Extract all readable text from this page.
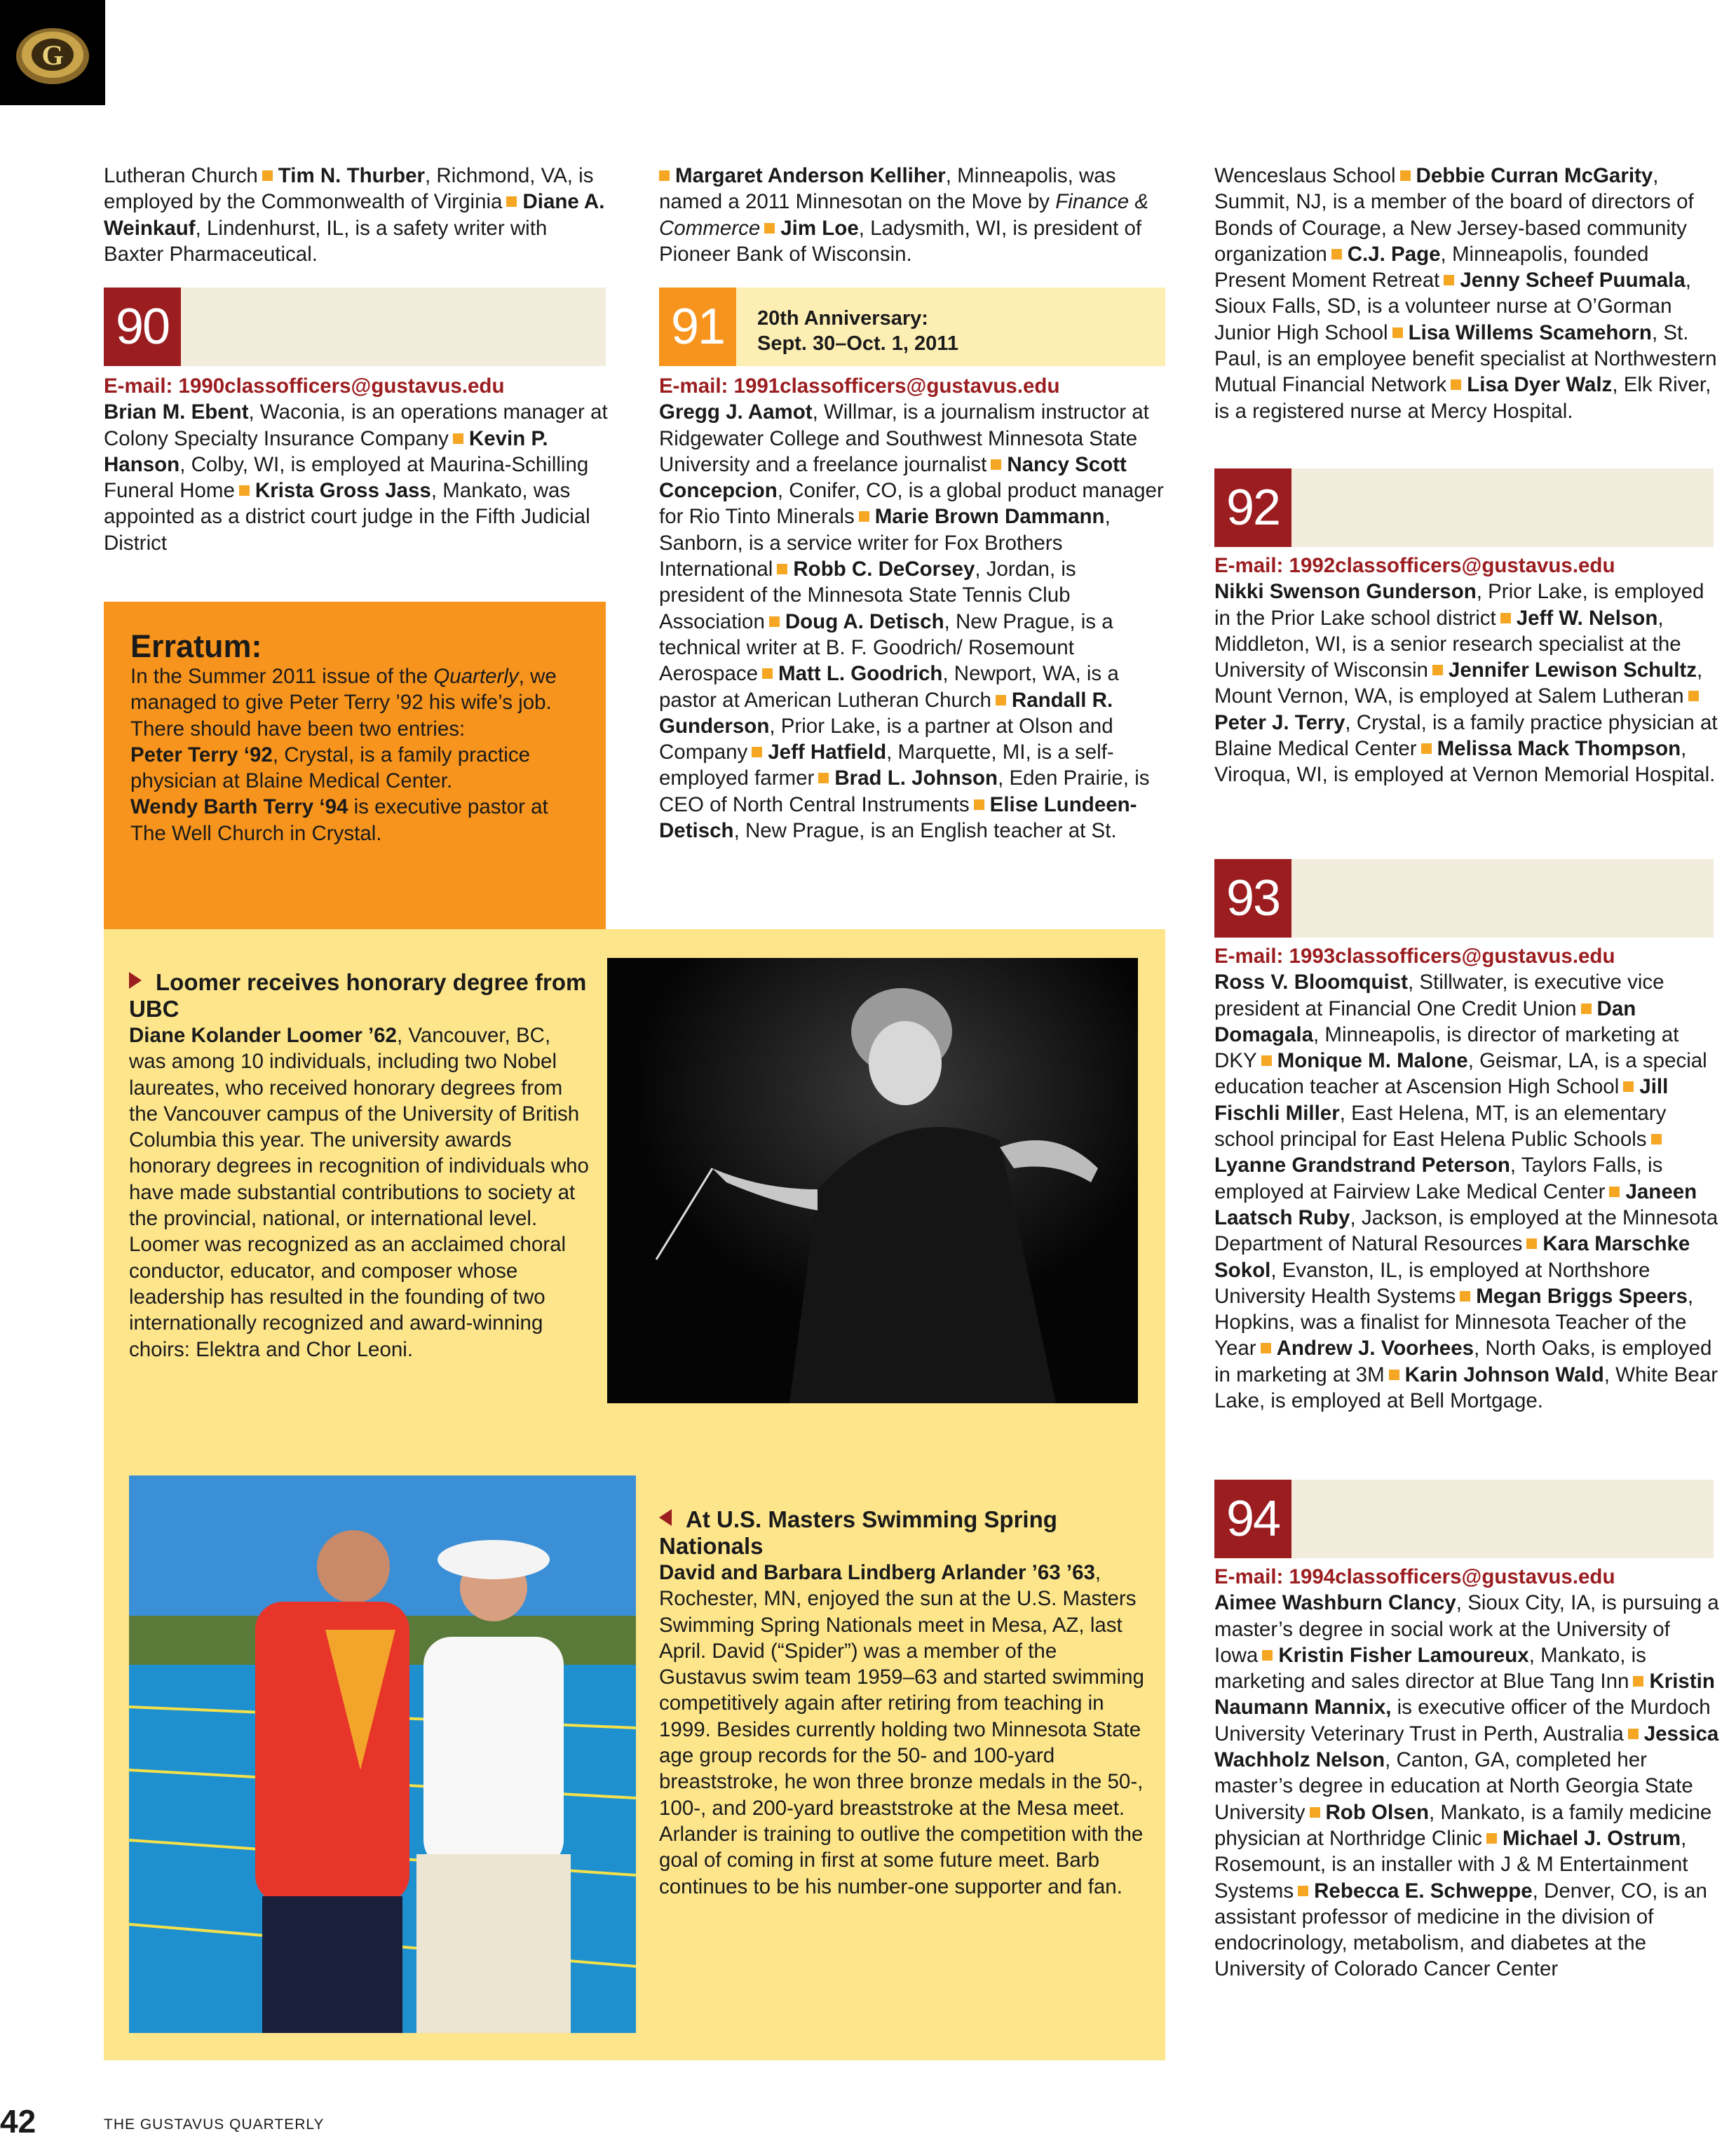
G

Lutheran Church Tim N. Thurber, Richmond, VA, is employed by the Commonwealth of Virginia Diane A. Weinkauf, Lindenhurst, IL, is a safety writer with Baxter Pharmaceutical.

90

E-mail: 1990classofficers@gustavus.edu

Brian M. Ebent, Waconia, is an operations manager at Colony Specialty Insurance Company Kevin P. Hanson, Colby, WI, is employed at Maurina-Schilling Funeral Home Krista Gross Jass, Mankato, was appointed as a district court judge in the Fifth Judicial District

Erratum:

In the Summer 2011 issue of the Quarterly, we managed to give Peter Terry ’92 his wife’s job. There should have been two entries:

Peter Terry ‘92, Crystal, is a family practice physician at Blaine Medical Center.

Wendy Barth Terry ‘94 is executive pastor at The Well Church in Crystal.

Margaret Anderson Kelliher, Minneapolis, was named a 2011 Minnesotan on the Move by Finance & Commerce Jim Loe, Ladysmith, WI, is president of Pioneer Bank of Wisconsin.

91	20th Anniversary:
Sept. 30–Oct. 1, 2011

E-mail: 1991classofficers@gustavus.edu

Gregg J. Aamot, Willmar, is a journalism instructor at Ridgewater College and Southwest Minnesota State University and a freelance journalist Nancy Scott Concepcion, Conifer, CO, is a global product manager for Rio Tinto Minerals Marie Brown Dammann, Sanborn, is a service writer for Fox Brothers International Robb C. DeCorsey, Jordan, is president of the Minnesota State Tennis Club Association Doug A. Detisch, New Prague, is a technical writer at B. F. Goodrich/ Rosemount Aerospace Matt L. Goodrich, Newport, WA, is a pastor at American Lutheran Church Randall R. Gunderson, Prior Lake, is a partner at Olson and Company Jeff Hatfield, Marquette, MI, is a self-employed farmer Brad L. Johnson, Eden Prairie, is CEO of North Central Instruments Elise Lundeen-Detisch, New Prague, is an English teacher at St.

Wenceslaus School Debbie Curran McGarity, Summit, NJ, is a member of the board of directors of Bonds of Courage, a New Jersey-based community organization C.J. Page, Minneapolis, founded Present Moment Retreat Jenny Scheef Puumala, Sioux Falls, SD, is a volunteer nurse at O’Gorman Junior High School Lisa Willems Scamehorn, St. Paul, is an employee benefit specialist at Northwestern Mutual Financial Network Lisa Dyer Walz, Elk River, is a registered nurse at Mercy Hospital.

92

E-mail: 1992classofficers@gustavus.edu

Nikki Swenson Gunderson, Prior Lake, is employed in the Prior Lake school district Jeff W. Nelson, Middleton, WI, is a senior research specialist at the University of Wisconsin Jennifer Lewison Schultz, Mount Vernon, WA, is employed at Salem LutheranPeter J. Terry, Crystal, is a family practice physician at Blaine Medical Center Melissa Mack Thompson, Viroqua, WI, is employed at Vernon Memorial Hospital.

93

E-mail: 1993classofficers@gustavus.edu

Ross V. Bloomquist, Stillwater, is executive vice president at Financial One Credit Union Dan Domagala, Minneapolis, is director of marketing at DKY Monique M. Malone, Geismar, LA, is a special education teacher at Ascension High School Jill Fischli Miller, East Helena, MT, is an elementary school principal for East Helena Public SchoolsLyanne Grandstrand Peterson, Taylors Falls, is employed at Fairview Lake Medical Center Janeen Laatsch Ruby, Jackson, is employed at the Minnesota Department of Natural Resources Kara Marschke Sokol, Evanston, IL, is employed at Northshore University Health Systems Megan Briggs Speers, Hopkins, was a finalist for Minnesota Teacher of the Year Andrew J. Voorhees, North Oaks, is employed in marketing at 3M Karin Johnson Wald, White Bear Lake, is employed at Bell Mortgage.

94

E-mail: 1994classofficers@gustavus.edu

Aimee Washburn Clancy, Sioux City, IA, is pursuing a master’s degree in social work at the University of Iowa Kristin Fisher Lamoureux, Mankato, is marketing and sales director at Blue Tang Inn Kristin Naumann Mannix, is executive officer of the Murdoch University Veterinary Trust in Perth, Australia Jessica Wachholz Nelson, Canton, GA, completed her master’s degree in education at North Georgia State University Rob Olsen, Mankato, is a family medicine physician at Northridge Clinic Michael J. Ostrum, Rosemount, is an installer with J & M Entertainment Systems Rebecca E. Schweppe, Denver, CO, is an assistant professor of medicine in the division of endocrinology, metabolism, and diabetes at the University of Colorado Cancer Center

Loomer receives honorary degree from UBC

Diane Kolander Loomer ’62, Vancouver, BC, was among 10 individuals, including two Nobel laureates, who received honorary degrees from the Vancouver campus of the University of British Columbia this year. The university awards honorary degrees in recognition of individuals who have made substantial contributions to society at the provincial, national, or international level. Loomer was recognized as an acclaimed choral conductor, educator, and composer whose leadership has resulted in the founding of two internationally recognized and award-winning choirs: Elektra and Chor Leoni.

At U.S. Masters Swimming Spring Nationals

David and Barbara Lindberg Arlander ’63 ’63, Rochester, MN, enjoyed the sun at the U.S. Masters Swimming Spring Nationals meet in Mesa, AZ, last April. David (“Spider”) was a member of the Gustavus swim team 1959–63 and started swimming competitively again after retiring from teaching in 1999. Besides currently holding two Minnesota State age group records for the 50- and 100-yard breaststroke, he won three bronze medals in the 50-, 100-, and 200-yard breaststroke at the Mesa meet. Arlander is training to outlive the competition with the goal of coming in first at some future meet. Barb continues to be his number-one supporter and fan.

42	THE GUSTAVUS QUARTERLY
